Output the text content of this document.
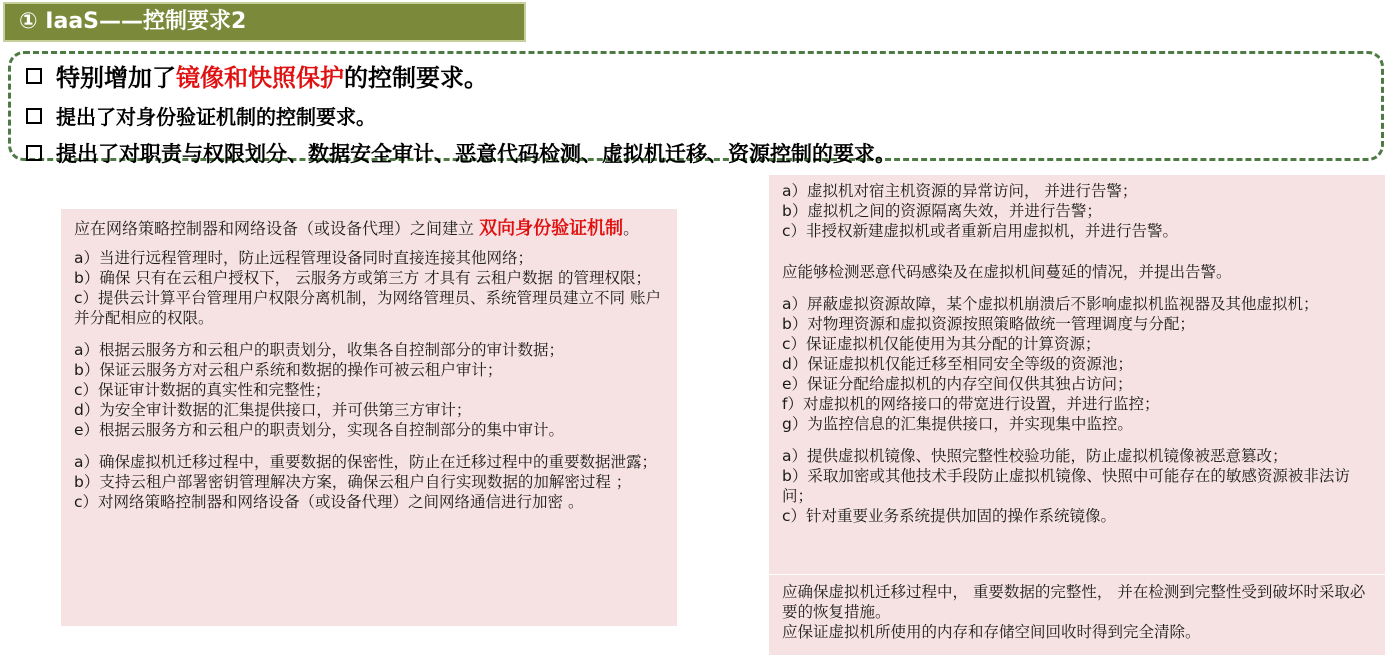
① IaaS——控制要求2
特别增加了镜像和快照保护的控制要求。
提出了对身份验证机制的控制要求。
提出了对职责与权限划分、数据安全审计、恶意代码检测、虚拟机迁移、资源控制的要求。

应在网络策略控制器和网络设备（或设备代理）之间建立 双向身份验证机制。

a）当进行远程管理时，防止远程管理设备同时直接连接其他网络；

b）确保 只有在云租户授权下， 云服务方或第三方 才具有 云租户数据 的管理权限；

c）提供云计算平台管理用户权限分离机制，为网络管理员、系统管理员建立不同 账户并分配相应的权限。

a）根据云服务方和云租户的职责划分，收集各自控制部分的审计数据；

b）保证云服务方对云租户系统和数据的操作可被云租户审计；

c）保证审计数据的真实性和完整性；

d）为安全审计数据的汇集提供接口，并可供第三方审计；

e）根据云服务方和云租户的职责划分，实现各自控制部分的集中审计。

a）确保虚拟机迁移过程中，重要数据的保密性，防止在迁移过程中的重要数据泄露；

b）支持云租户部署密钥管理解决方案，确保云租户自行实现数据的加解密过程 ；

c）对网络策略控制器和网络设备（或设备代理）之间网络通信进行加密 。

a）虚拟机对宿主机资源的异常访问， 并进行告警；

b）虚拟机之间的资源隔离失效，并进行告警；

c）非授权新建虚拟机或者重新启用虚拟机，并进行告警。

应能够检测恶意代码感染及在虚拟机间蔓延的情况，并提出告警。

a）屏蔽虚拟资源故障，某个虚拟机崩溃后不影响虚拟机监视器及其他虚拟机；

b）对物理资源和虚拟资源按照策略做统一管理调度与分配；

c）保证虚拟机仅能使用为其分配的计算资源；

d）保证虚拟机仅能迁移至相同安全等级的资源池；

e）保证分配给虚拟机的内存空间仅供其独占访问；

f）对虚拟机的网络接口的带宽进行设置，并进行监控；

g）为监控信息的汇集提供接口，并实现集中监控。

a）提供虚拟机镜像、快照完整性校验功能，防止虚拟机镜像被恶意篡改；

b）采取加密或其他技术手段防止虚拟机镜像、快照中可能存在的敏感资源被非法访问；

c）针对重要业务系统提供加固的操作系统镜像。

应确保虚拟机迁移过程中， 重要数据的完整性， 并在检测到完整性受到破坏时采取必要的恢复措施。

应保证虚拟机所使用的内存和存储空间回收时得到完全清除。
